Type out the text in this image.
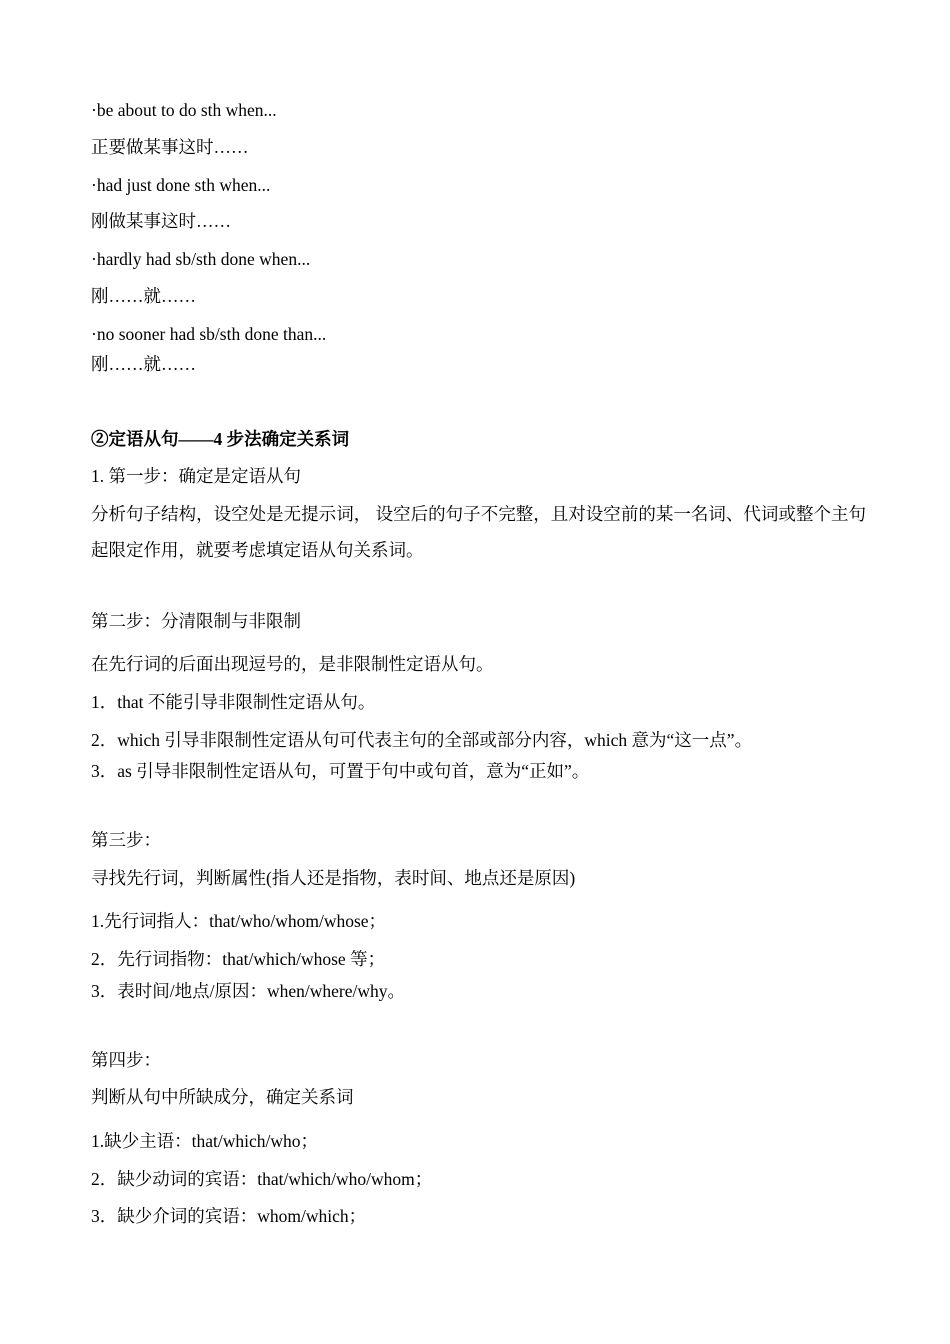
·be about to do sth when...
正要做某事这时……
·had just done sth when...
刚做某事这时……
·hardly had sb/sth done when...
刚……就……
·no sooner had sb/sth done than...
刚……就……
②定语从句——4 步法确定关系词
1. 第一步：确定是定语从句
分析句子结构，设空处是无提示词， 设空后的句子不完整，且对设空前的某一名词、代词或整个主句起限定作用，就要考虑填定语从句关系词。
第二步：分清限制与非限制
在先行词的后面出现逗号的，是非限制性定语从句。
1．that 不能引导非限制性定语从句。
2．which 引导非限制性定语从句可代表主句的全部或部分内容，which 意为“这一点”。
3．as 引导非限制性定语从句，可置于句中或句首，意为“正如”。
第三步：
寻找先行词，判断属性(指人还是指物，表时间、地点还是原因)
1.先行词指人：that/who/whom/whose；
2．先行词指物：that/which/whose 等；
3．表时间/地点/原因：when/where/why。
第四步：
判断从句中所缺成分，确定关系词
1.缺少主语：that/which/who；
2．缺少动词的宾语：that/which/who/whom；
3．缺少介词的宾语：whom/which；
